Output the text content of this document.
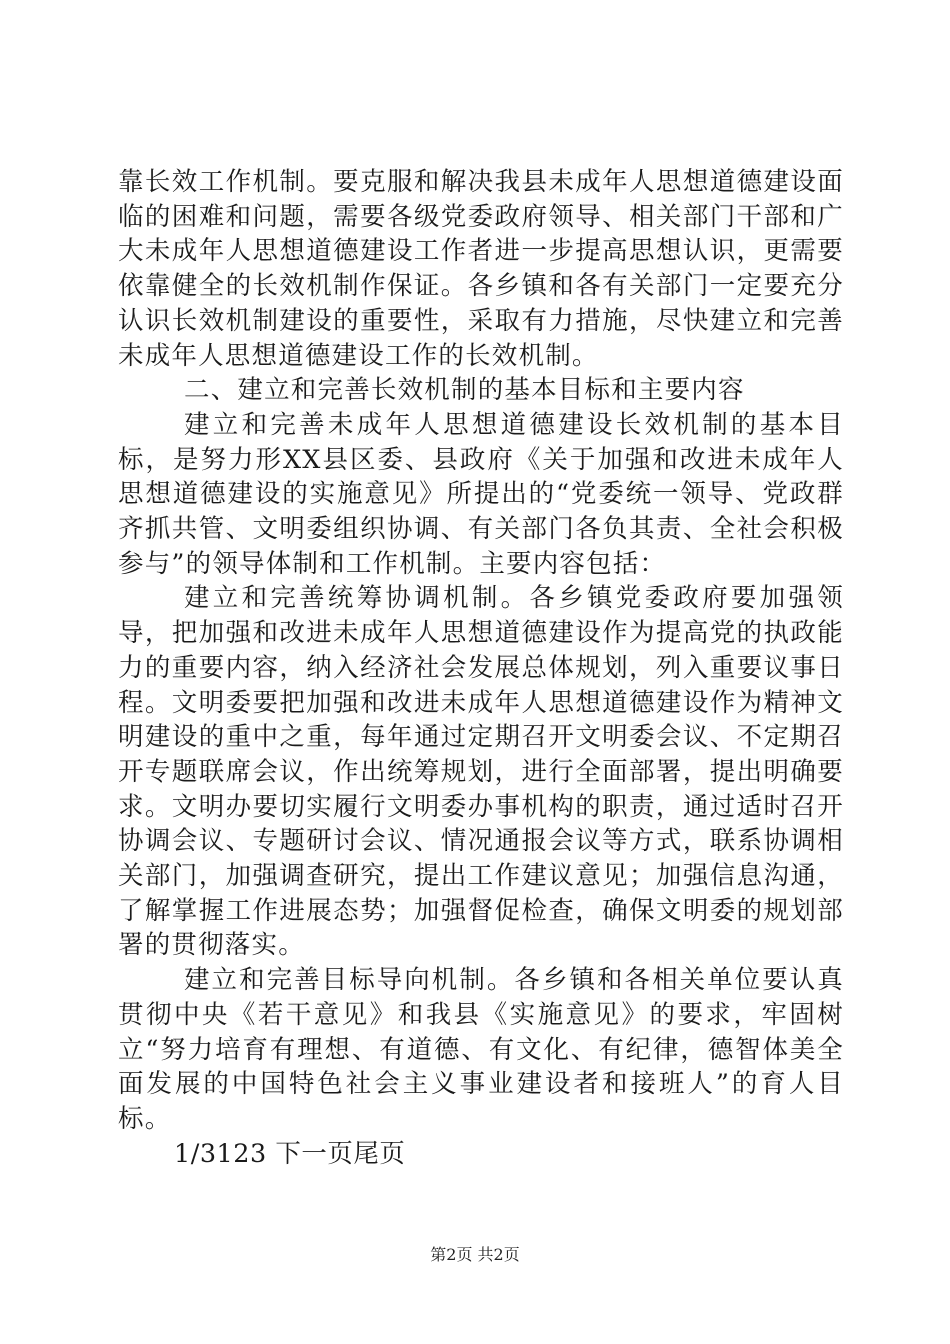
靠长效工作机制。要克服和解决我县未成年人思想道德建设面临的困难和问题，需要各级党委政府领导、相关部门干部和广大未成年人思想道德建设工作者进一步提高思想认识，更需要依靠健全的长效机制作保证。各乡镇和各有关部门一定要充分认识长效机制建设的重要性，采取有力措施，尽快建立和完善未成年人思想道德建设工作的长效机制。

二、建立和完善长效机制的基本目标和主要内容

建立和完善未成年人思想道德建设长效机制的基本目标，是努力形XX县区委、县政府《关于加强和改进未成年人思想道德建设的实施意见》所提出的“党委统一领导、党政群齐抓共管、文明委组织协调、有关部门各负其责、全社会积极参与”的领导体制和工作机制。主要内容包括：

建立和完善统筹协调机制。各乡镇党委政府要加强领导，把加强和改进未成年人思想道德建设作为提高党的执政能力的重要内容，纳入经济社会发展总体规划，列入重要议事日程。文明委要把加强和改进未成年人思想道德建设作为精神文明建设的重中之重，每年通过定期召开文明委会议、不定期召开专题联席会议，作出统筹规划，进行全面部署，提出明确要求。文明办要切实履行文明委办事机构的职责，通过适时召开协调会议、专题研讨会议、情况通报会议等方式，联系协调相关部门，加强调查研究，提出工作建议意见；加强信息沟通，了解掌握工作进展态势；加强督促检查，确保文明委的规划部署的贯彻落实。

建立和完善目标导向机制。各乡镇和各相关单位要认真贯彻中央《若干意见》和我县《实施意见》的要求，牢固树立“努力培育有理想、有道德、有文化、有纪律，德智体美全面发展的中国特色社会主义事业建设者和接班人”的育人目标。

1/3123 下一页尾页

第2页 共2页
